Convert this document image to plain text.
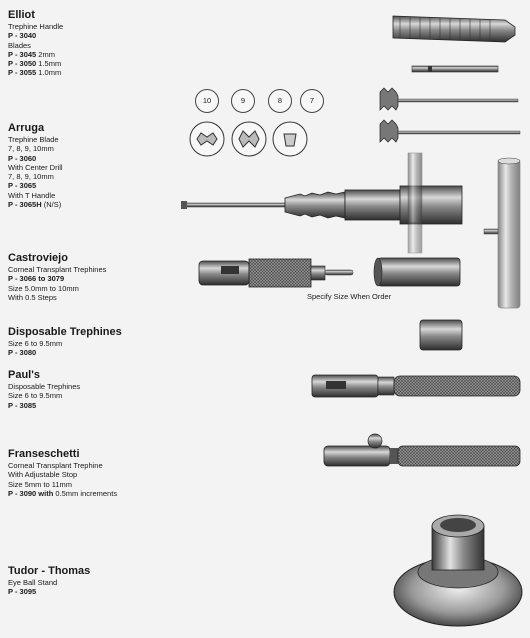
10	9	8	7
Specify Size When Order

Elliot

Trephine Handle

P - 3040

Blades

P - 3045 2mm

P - 3050 1.5mm

P - 3055 1.0mm

Arruga

Trephine Blade

7, 8, 9, 10mm

P - 3060

With Center Drill

7, 8, 9, 10mm

P - 3065

With T Handle

P - 3065H (N/S)

Castroviejo

Corneal Transplant Trephines

P - 3066 to 3079

Size 5.0mm to 10mm

With 0.5 Steps

Disposable Trephines

Size 6 to 9.5mm

P - 3080

Paul's

Disposable Trephines

Size 6 to 9.5mm

P - 3085

Franseschetti

Corneal Transplant Trephine

With Adjustable Stop

Size 5mm to 11mm

P - 3090 with 0.5mm increments

Tudor - Thomas

Eye Ball Stand

P - 3095
